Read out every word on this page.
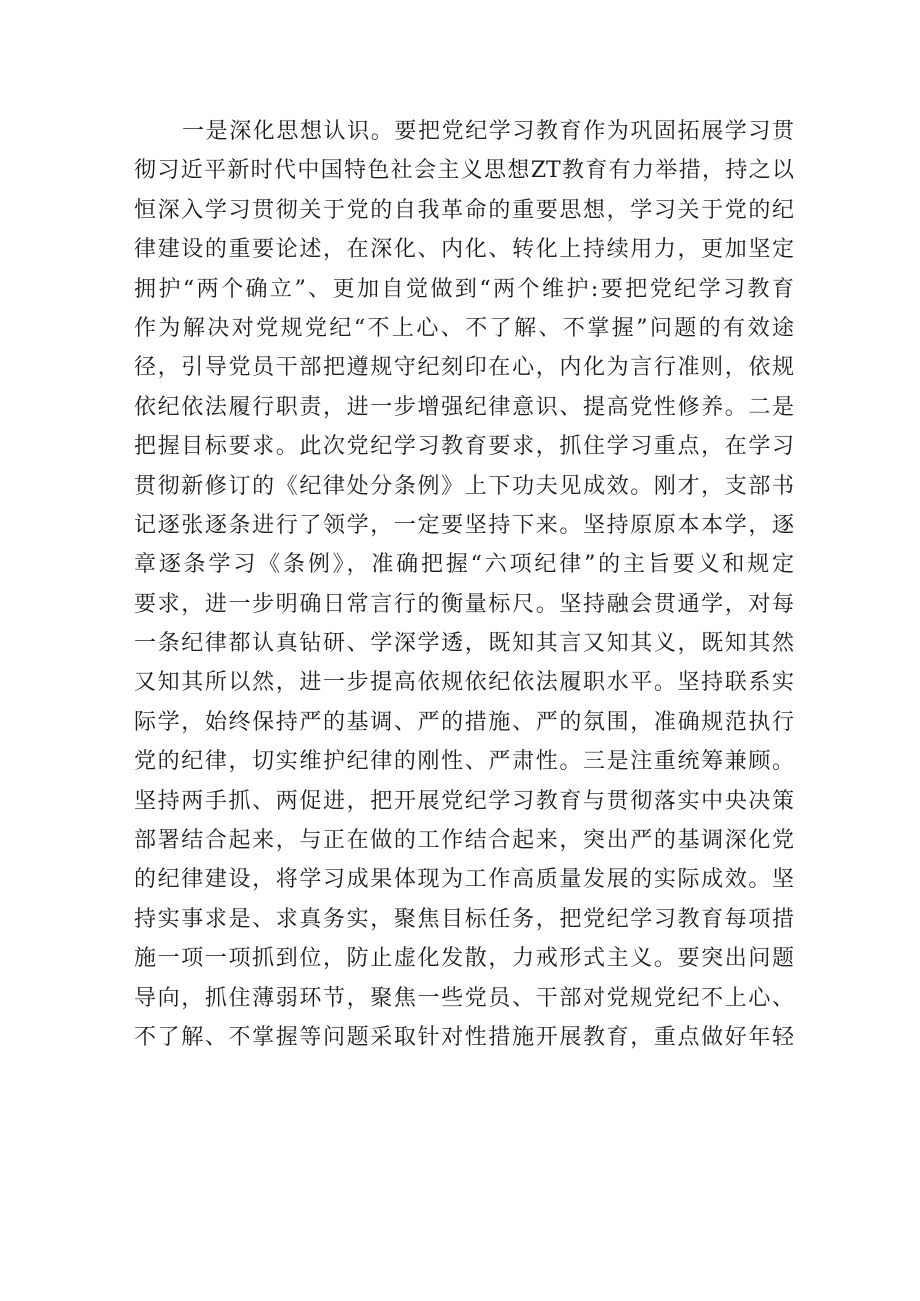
一是深化思想认识。要把党纪学习教育作为巩固拓展学习贯
彻习近平新时代中国特色社会主义思想ZT教育有力举措，持之以
恒深入学习贯彻关于党的自我革命的重要思想，学习关于党的纪
律建设的重要论述，在深化、内化、转化上持续用力，更加坚定
拥护“两个确立”、更加自觉做到“两个维护:要把党纪学习教育
作为解决对党规党纪“不上心、不了解、不掌握”问题的有效途
径，引导党员干部把遵规守纪刻印在心，内化为言行准则，依规
依纪依法履行职责，进一步增强纪律意识、提高党性修养。二是
把握目标要求。此次党纪学习教育要求，抓住学习重点，在学习
贯彻新修订的《纪律处分条例》上下功夫见成效。刚才，支部书
记逐张逐条进行了领学，一定要坚持下来。坚持原原本本学，逐
章逐条学习《条例》，准确把握“六项纪律”的主旨要义和规定
要求，进一步明确日常言行的衡量标尺。坚持融会贯通学，对每
一条纪律都认真钻研、学深学透，既知其言又知其义，既知其然
又知其所以然，进一步提高依规依纪依法履职水平。坚持联系实
际学，始终保持严的基调、严的措施、严的氛围，准确规范执行
党的纪律，切实维护纪律的刚性、严肃性。三是注重统筹兼顾。
坚持两手抓、两促进，把开展党纪学习教育与贯彻落实中央决策
部署结合起来，与正在做的工作结合起来，突出严的基调深化党
的纪律建设，将学习成果体现为工作高质量发展的实际成效。坚
持实事求是、求真务实，聚焦目标任务，把党纪学习教育每项措
施一项一项抓到位，防止虚化发散，力戒形式主义。要突出问题
导向，抓住薄弱环节，聚焦一些党员、干部对党规党纪不上心、
不了解、不掌握等问题采取针对性措施开展教育，重点做好年轻
